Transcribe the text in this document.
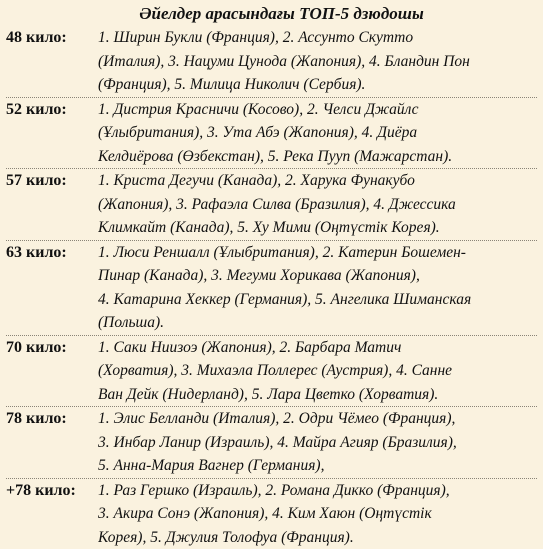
Әйелдер арасындағы ТОП-5 дзюдошы
48 кило:	1. Ширин Букли (Франция), 2. Ассунто Скутто
(Италия), 3. Нацуми Цунода (Жапония), 4. Бландин Пон
(Франция), 5. Милица Николич (Сербия).
52 кило:	1. Дистрия Красничи (Косово), 2. Челси Джайлс
(Ұлыбритания), 3. Ута Абэ (Жапония), 4. Диёра
Келдиёрова (Өзбекстан), 5. Река Пууп (Мажарстан).
57 кило:	1. Криста Дегучи (Канада), 2. Харука Фунакубо
(Жапония), 3. Рафаэла Силва (Бразилия), 4. Джессика
Климкайт (Канада), 5. Ху Мими (Оңтүстік Корея).
63 кило:	1. Люси Реншалл (Ұлыбритания), 2. Катерин Бошемен-
Пинар (Канада), 3. Мегуми Хорикава (Жапония),
4. Катарина Хеккер (Германия), 5. Ангелика Шиманская
(Польша).
70 кило:	1. Саки Ниизоэ (Жапония), 2. Барбара Матич
(Хорватия), 3. Михаэла Поллерес (Аустрия), 4. Санне
Ван Дейк (Нидерланд), 5. Лара Цветко (Хорватия).
78 кило:	1. Элис Белланди (Италия), 2. Одри Чёмео (Франция),
3. Инбар Ланир (Израиль), 4. Майра Агияр (Бразилия),
5. Анна-Мария Вагнер (Германия),
+78 кило:	1. Раз Гершко (Израиль), 2. Романа Дикко (Франция),
3. Акира Сонэ (Жапония), 4. Ким Хаюн (Оңтүстік
Корея), 5. Джулия Толофуа (Франция).
